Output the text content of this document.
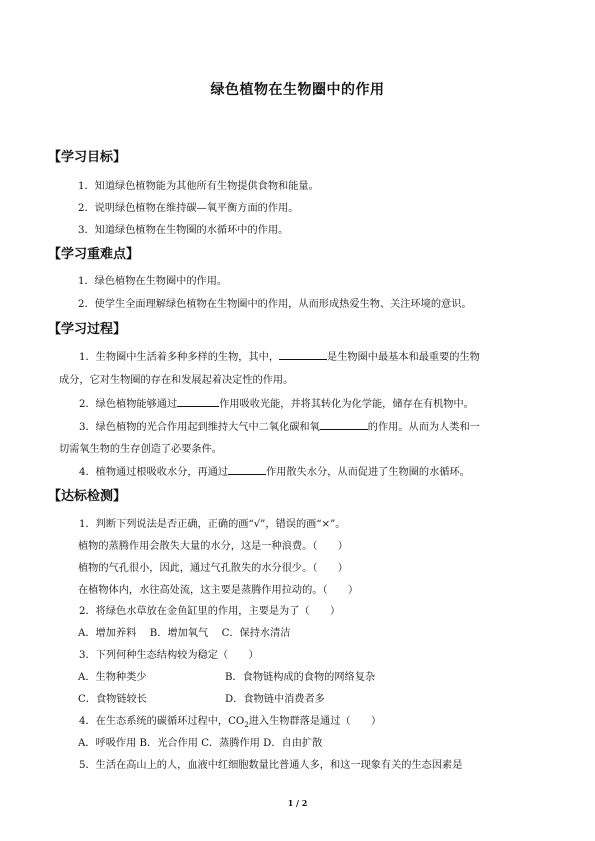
绿色植物在生物圈中的作用
【学习目标】
1．知道绿色植物能为其他所有生物提供食物和能量。
2．说明绿色植物在维持碳—氧平衡方面的作用。
3．知道绿色植物在生物圈的水循环中的作用。
【学习重难点】
1．绿色植物在生物圈中的作用。
2．使学生全面理解绿色植物在生物圈中的作用，从而形成热爱生物、关注环境的意识。
【学习过程】
1．生物圈中生活着多种多样的生物，其中，	是生物圈中最基本和最重要的生物
成分，它对生物圈的存在和发展起着决定性的作用。
2．绿色植物能够通过	作用吸收光能，并将其转化为化学能，储存在有机物中。
3．绿色植物的光合作用起到维持大气中二氧化碳和氧	的作用。从而为人类和一
切需氧生物的生存创造了必要条件。
4．植物通过根吸收水分，再通过	作用散失水分，从而促进了生物圈的水循环。
【达标检测】
1．判断下列说法是否正确，正确的画“√”，错误的画“×”。
植物的蒸腾作用会散失大量的水分，这是一种浪费。（　　）
植物的气孔很小，因此，通过气孔散失的水分很少。（　　）
在植物体内，水往高处流，这主要是蒸腾作用拉动的。（　　）
2．将绿色水草放在金鱼缸里的作用，主要是为了（　　）
A．增加养料　 B．增加氧气　 C．保持水清洁
3．下列何种生态结构较为稳定（　　）
A．生物种类少	B．食物链构成的食物的网络复杂
C．食物链较长	D．食物链中消费者多
4．在生态系统的碳循环过程中，$CO_2$进入生物群落是通过（　　）
A．呼吸作用 B．光合作用 C．蒸腾作用 D．自由扩散
5．生活在高山上的人，血液中红细胞数量比普通人多，和这一现象有关的生态因素是
1 / 2
